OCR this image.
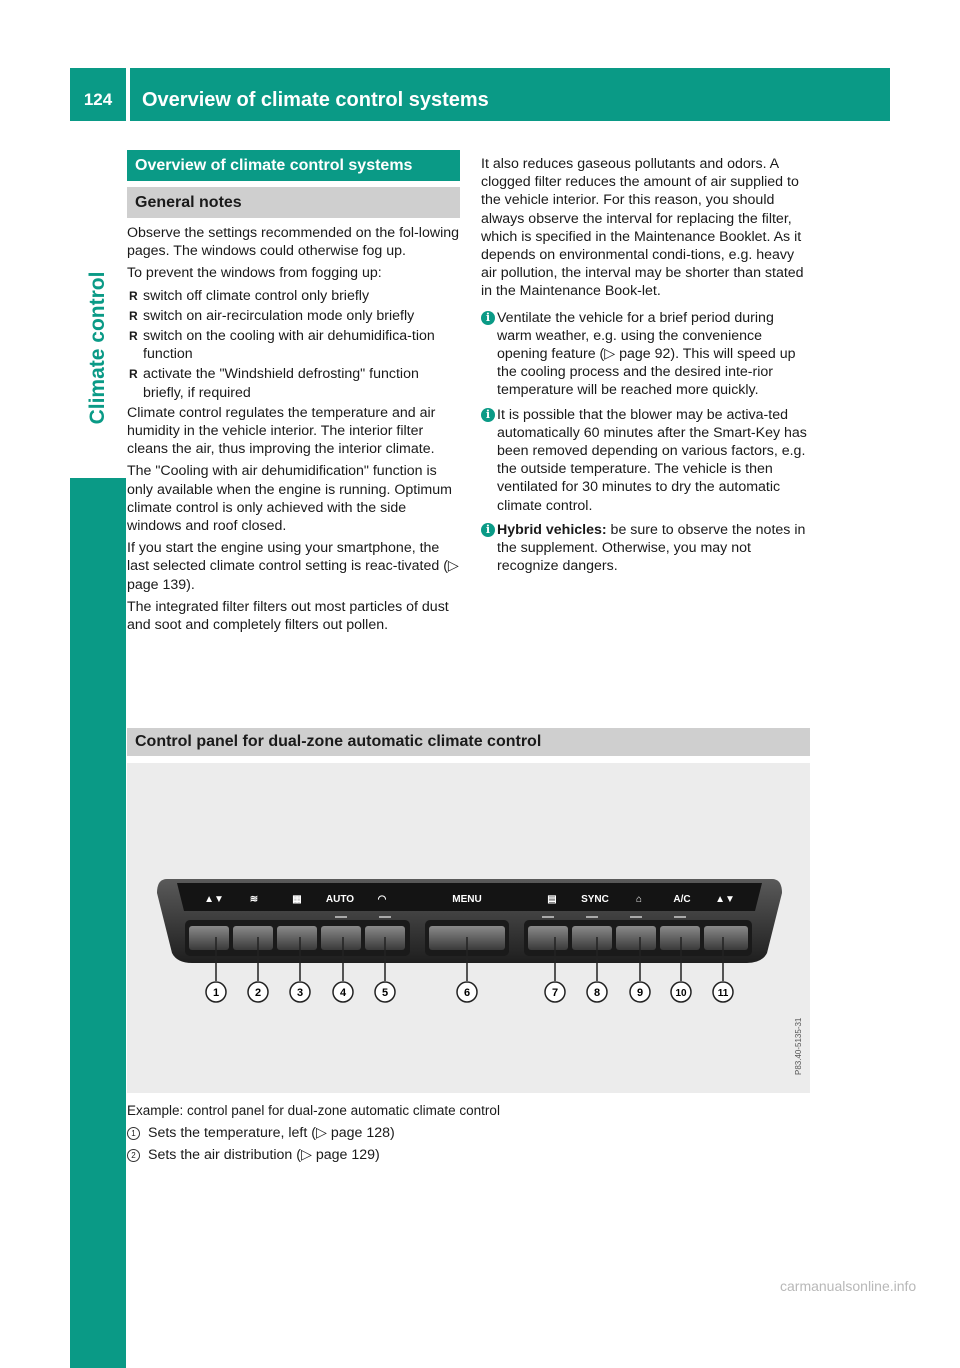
124	Overview of climate control systems
Climate control
Overview of climate control systems
General notes

Observe the settings recommended on the fol-lowing pages. The windows could otherwise fog up.

To prevent the windows from fogging up:

R switch off climate control only briefly
R switch on air-recirculation mode only briefly
R switch on the cooling with air dehumidifica-tion function
R activate the "Windshield defrosting" function briefly, if required

Climate control regulates the temperature and air humidity in the vehicle interior. The interior filter cleans the air, thus improving the interior climate.

The "Cooling with air dehumidification" function is only available when the engine is running. Optimum climate control is only achieved with the side windows and roof closed.

If you start the engine using your smartphone, the last selected climate control setting is reac-tivated (▷ page 139).

The integrated filter filters out most particles of dust and soot and completely filters out pollen.

It also reduces gaseous pollutants and odors. A clogged filter reduces the amount of air supplied to the vehicle interior. For this reason, you should always observe the interval for replacing the filter, which is specified in the Maintenance Booklet. As it depends on environmental condi-tions, e.g. heavy air pollution, the interval may be shorter than stated in the Maintenance Book-let.

i Ventilate the vehicle for a brief period during warm weather, e.g. using the convenience opening feature (▷ page 92). This will speed up the cooling process and the desired inte-rior temperature will be reached more quickly.
i It is possible that the blower may be activa-ted automatically 60 minutes after the Smart-Key has been removed depending on various factors, e.g. the outside temperature. The vehicle is then ventilated for 30 minutes to dry the automatic climate control.
i Hybrid vehicles: be sure to observe the notes in the supplement. Otherwise, you may not recognize dangers.
Control panel for dual-zone automatic climate control
▲▼	≋	▦ AUTO ◠	MENU	▤ SYNC	⌂	A/C ▲▼
1	2	3	4	5	6	7	8	9	10	11
P83.40-5135-31
Example: control panel for dual-zone automatic climate control
1 Sets the temperature, left (▷ page 128)
2 Sets the air distribution (▷ page 129)
carmanualsonline.info
